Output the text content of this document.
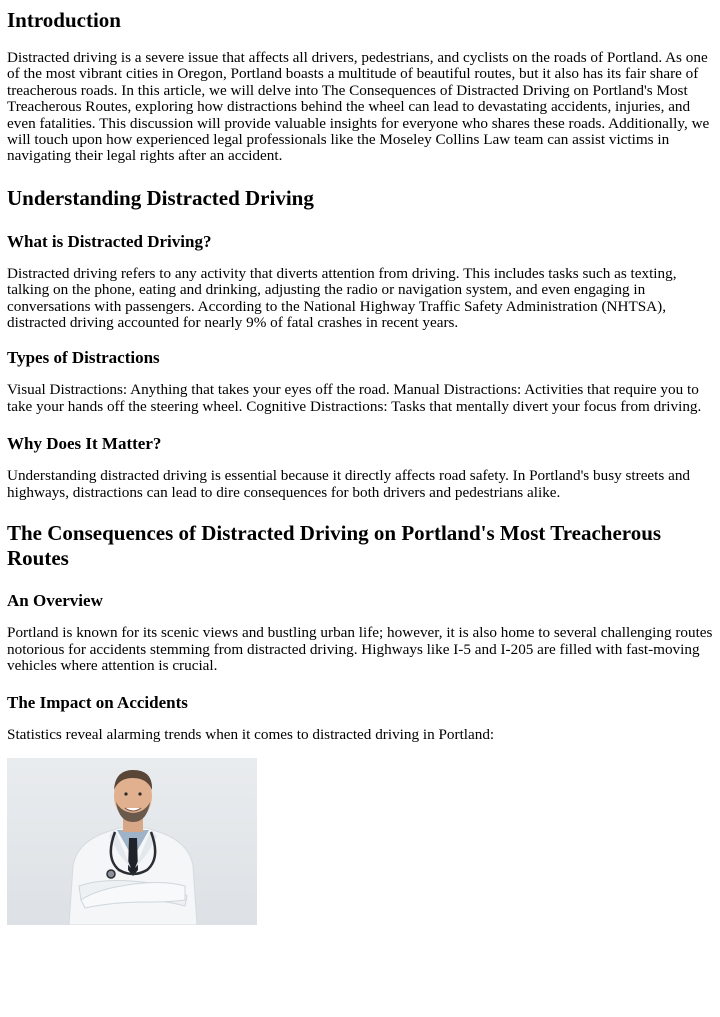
Introduction

Distracted driving is a severe issue that affects all drivers, pedestrians, and cyclists on the roads of Portland. As one of the most vibrant cities in Oregon, Portland boasts a multitude of beautiful routes, but it also has its fair share of treacherous roads. In this article, we will delve into The Consequences of Distracted Driving on Portland's Most Treacherous Routes, exploring how distractions behind the wheel can lead to devastating accidents, injuries, and even fatalities. This discussion will provide valuable insights for everyone who shares these roads. Additionally, we will touch upon how experienced legal professionals like the Moseley Collins Law team can assist victims in navigating their legal rights after an accident.

Understanding Distracted Driving
What is Distracted Driving?

Distracted driving refers to any activity that diverts attention from driving. This includes tasks such as texting, talking on the phone, eating and drinking, adjusting the radio or navigation system, and even engaging in conversations with passengers. According to the National Highway Traffic Safety Administration (NHTSA), distracted driving accounted for nearly 9% of fatal crashes in recent years.

Types of Distractions

Visual Distractions: Anything that takes your eyes off the road. Manual Distractions: Activities that require you to take your hands off the steering wheel. Cognitive Distractions: Tasks that mentally divert your focus from driving.

Why Does It Matter?

Understanding distracted driving is essential because it directly affects road safety. In Portland's busy streets and highways, distractions can lead to dire consequences for both drivers and pedestrians alike.

The Consequences of Distracted Driving on Portland's Most Treacherous Routes
An Overview

Portland is known for its scenic views and bustling urban life; however, it is also home to several challenging routes notorious for accidents stemming from distracted driving. Highways like I-5 and I-205 are filled with fast-moving vehicles where attention is crucial.

The Impact on Accidents

Statistics reveal alarming trends when it comes to distracted driving in Portland:
